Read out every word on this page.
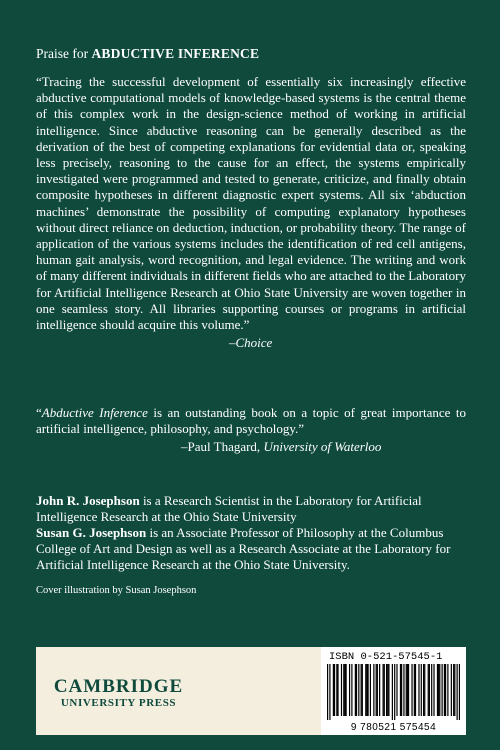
Praise for ABDUCTIVE INFERENCE

“Tracing the successful development of essentially six increasingly effective abductive computational models of knowledge-based systems is the central theme of this complex work in the design-science method of working in artificial intelligence. Since abductive reasoning can be generally described as the derivation of the best of competing explanations for evidential data or, speaking less precisely, reasoning to the cause for an effect, the systems empirically investigated were programmed and tested to generate, criticize, and finally obtain composite hypotheses in different diagnostic expert systems. All six ‘abduction machines’ demonstrate the possibility of computing explanatory hypotheses without direct reliance on deduction, induction, or probability theory. The range of application of the various systems includes the identification of red cell antigens, human gait analysis, word recognition, and legal evidence. The writing and work of many different individuals in different fields who are attached to the Laboratory for Artificial Intelligence Research at Ohio State University are woven together in one seamless story. All libraries supporting courses or programs in artificial intelligence should acquire this volume.”

–Choice

“Abductive Inference is an outstanding book on a topic of great importance to artificial intelligence, philosophy, and psychology.”

–Paul Thagard, University of Waterloo

John R. Josephson is a Research Scientist in the Laboratory for Artificial Intelligence Research at the Ohio State University

Susan G. Josephson is an Associate Professor of Philosophy at the Columbus College of Art and Design as well as a Research Associate at the Laboratory for Artificial Intelligence Research at the Ohio State University.

Cover illustration by Susan Josephson
CAMBRIDGE
UNIVERSITY PRESS
ISBN 0-521-57545-1
9 780521 575454
